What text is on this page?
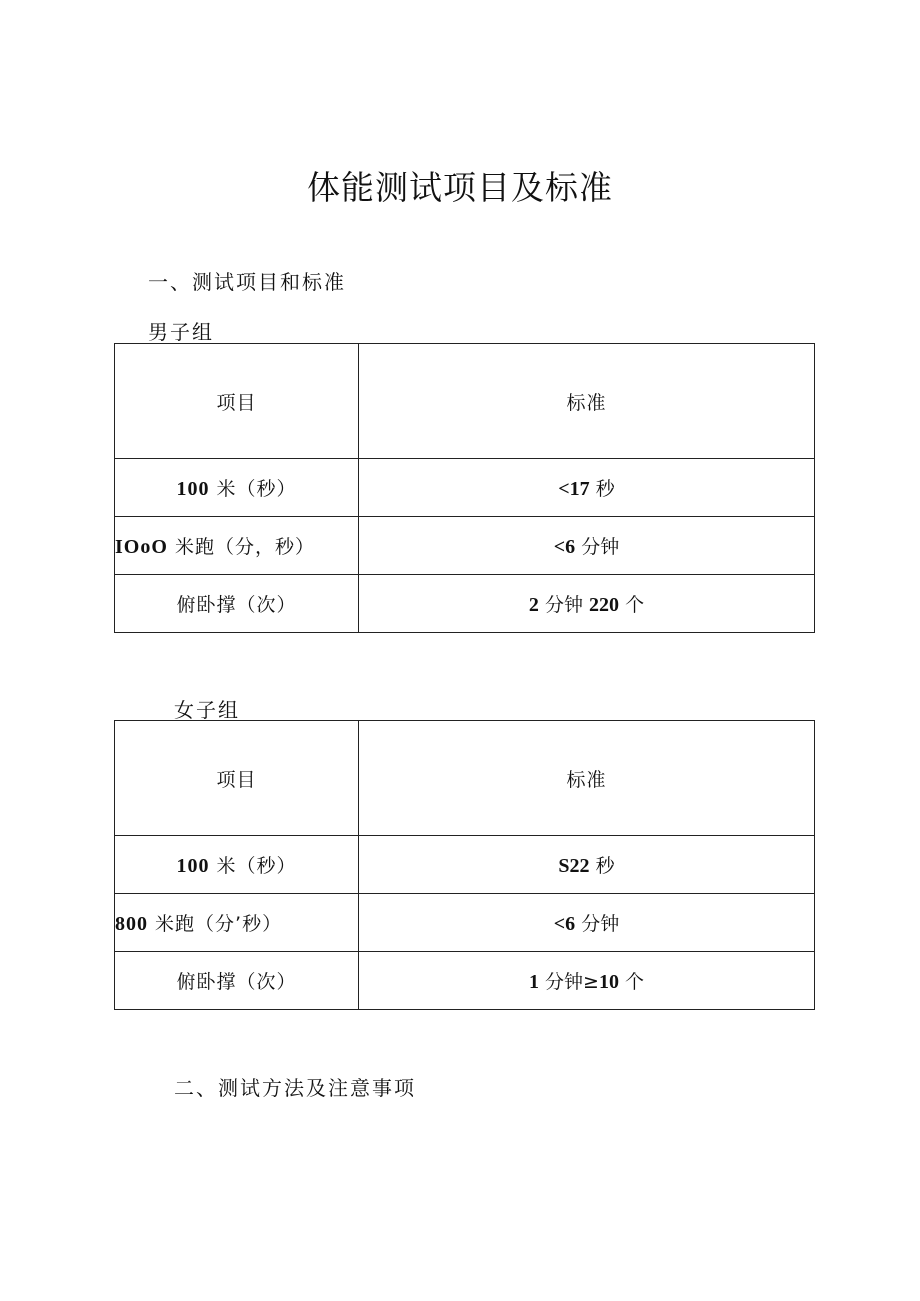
体能测试项目及标准
一、测试项目和标准
男子组
项目	标准
100 米（秒）	<17 秒
IOoO 米跑（分，秒）	<6 分钟
俯卧撑（次）	2 分钟 220 个
女子组
项目	标准
100 米（秒）	S22 秒
800 米跑（分’秒）	<6 分钟
俯卧撑（次）	1 分钟≥10 个
二、测试方法及注意事项
